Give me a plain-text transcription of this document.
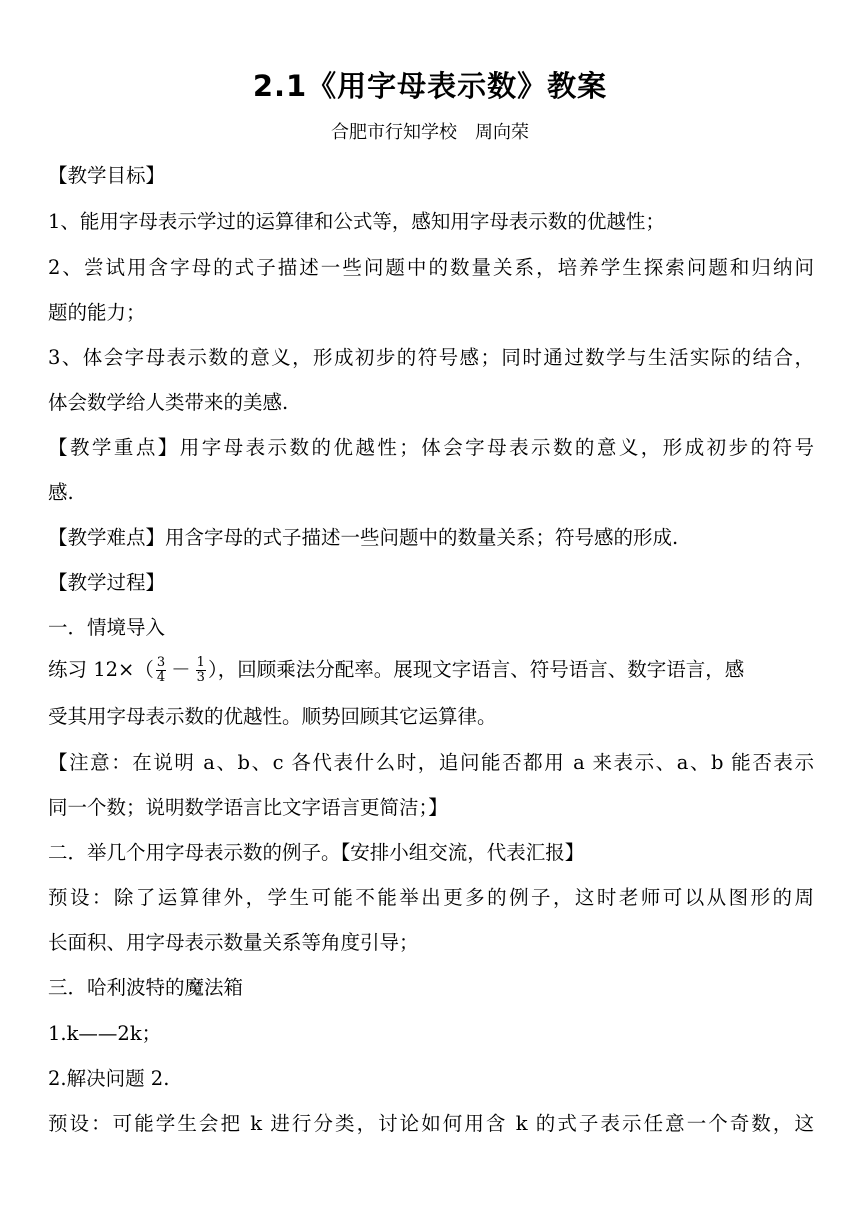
2.1《用字母表示数》教案
合肥市行知学校　周向荣
【教学目标】
1、能用字母表示学过的运算律和公式等，感知用字母表示数的优越性；
2、尝试用含字母的式子描述一些问题中的数量关系，培养学生探索问题和归纳问
题的能力；
3、体会字母表示数的意义，形成初步的符号感；同时通过数学与生活实际的结合，
体会数学给人类带来的美感.
【教学重点】用字母表示数的优越性；体会字母表示数的意义，形成初步的符号
感.
【教学难点】用含字母的式子描述一些问题中的数量关系；符号感的形成.
【教学过程】
一．情境导入
练习 $12\times( \frac{3}{4} - \frac{1}{3}$ ），回顾乘法分配率。展现文字语言、符号语言、数字语言，感
受其用字母表示数的优越性。顺势回顾其它运算律。
【注意：在说明 a、b、c 各代表什么时，追问能否都用 a 来表示、a、b 能否表示
同一个数；说明数学语言比文字语言更简洁；】
二．举几个用字母表示数的例子。【安排小组交流，代表汇报】
预设：除了运算律外，学生可能不能举出更多的例子，这时老师可以从图形的周
长面积、用字母表示数量关系等角度引导；
三．哈利波特的魔法箱
1.k——2k；
2.解决问题 2.
预设：可能学生会把 k 进行分类，讨论如何用含 k 的式子表示任意一个奇数，这
